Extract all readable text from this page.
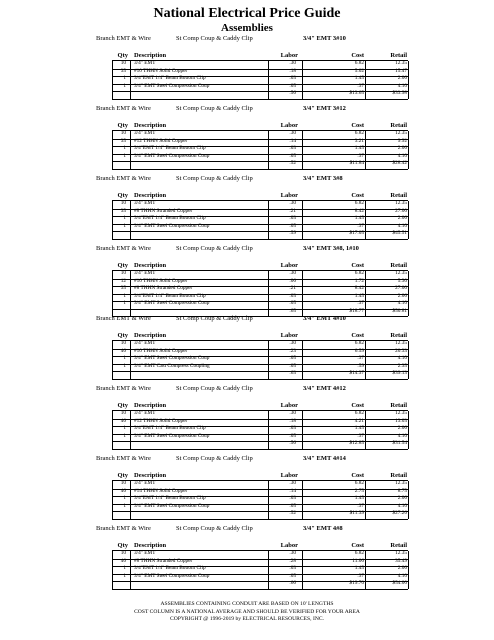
National Electrical Price Guide
Assemblies
Branch EMT & Wire	St Comp Coup & Caddy Clip	3/4" EMT 3#10
Qty Description	Labor	Cost	Retail
10 3/4" EMT	.30	6.82	12.35
35 #10 THHN Solid Copper	.18	5.02	15.47
1 3/4"EMT 1/4" Beam Bottom Clip	.03	1.45	2.06
1 3/4" EMT Steel Compression Coup	.05	.37	4.10
.56	$13.65	$33.98
Branch EMT & Wire	St Comp Coup & Caddy Clip	3/4" EMT 3#12
Qty Description	Labor	Cost	Retail
10 3/4" EMT	.30	6.82	12.35
35 #12 THHN Solid Copper	.14	3.21	9.92
1 3/4"EMT 1/4" Beam Bottom Clip	.03	1.45	2.06
1 3/4" EMT Steel Compression Coup	.05	.37	4.10
.52	$11.84	$28.42
Branch EMT & Wire	St Comp Coup & Caddy Clip	3/4" EMT 3#8
Qty Description	Labor	Cost	Retail
10 3/4" EMT	.30	6.82	12.35
35 #8 THHN Stranded Copper	.21	8.42	27.00
1 3/4"EMT 1/4" Beam Bottom Clip	.03	1.45	2.06
1 3/4" EMT Steel Compression Coup	.05	.37	4.10
.59	$17.05	$45.51
Branch EMT & Wire	St Comp Coup & Caddy Clip	3/4" EMT 3#8, 1#10
Qty Description	Labor	Cost	Retail
10 3/4" EMT	.30	6.82	12.35
12 #10 THHN Solid Copper	.06	1.72	5.30
35 #8 THHN Stranded Copper	.21	8.42	27.00
1 3/4"EMT 1/4" Beam Bottom Clip	.03	1.45	2.06
1 3/4" EMT Steel Compression Coup	.05	.37	4.10
.65	$18.77	$50.81
Branch EMT & Wire	St Comp Coup & Caddy Clip	3/4" EMT 4#10
Qty Description	Labor	Cost	Retail
10 3/4" EMT	.30	6.82	12.35
46 #10 THHN Solid Copper	.23	6.59	20.33
1 3/4" EMT Steel Compression Coup	.05	.37	4.10
1 3/4" EMT Cast Compress Coupling	.05	.59	2.35
.63	$14.37	$39.13
Branch EMT & Wire	St Comp Coup & Caddy Clip	3/4" EMT 4#12
Qty Description	Labor	Cost	Retail
10 3/4" EMT	.30	6.82	12.35
46 #12 THHN Solid Copper	.18	4.21	13.03
1 3/4"EMT 1/4" Beam Bottom Clip	.03	1.45	2.06
1 3/4" EMT Steel Compression Coup	.05	.37	4.10
.56	$12.85	$31.54
Branch EMT & Wire	St Comp Coup & Caddy Clip	3/4" EMT 4#14
Qty Description	Labor	Cost	Retail
10 3/4" EMT	.30	6.82	12.35
46 #14 THHN Solid Copper	.14	2.75	8.75
1 3/4"EMT 1/4" Beam Bottom Clip	.03	1.45	2.06
1 3/4" EMT Steel Compression Coup	.05	.37	4.10
.52	$11.39	$27.26
Branch EMT & Wire	St Comp Coup & Caddy Clip	3/4" EMT 4#8
Qty Description	Labor	Cost	Retail
10 3/4" EMT	.30	6.82	12.35
46 #8 THHN Stranded Copper	.28	11.06	35.49
1 3/4"EMT 1/4" Beam Bottom Clip	.03	1.45	2.06
1 3/4" EMT Steel Compression Coup	.05	.37	4.10
.66	$19.70	$54.00
ASSEMBLIES CONTAINING CONDUIT ARE BASED ON 10' LENGTHS
COST COLUMN IS A NATIONAL AVERAGE AND SHOULD BE VERIFIED FOR YOUR AREA
COPYRIGHT @ 1996-2019 by ELECTRICAL RESOURCES, INC.
